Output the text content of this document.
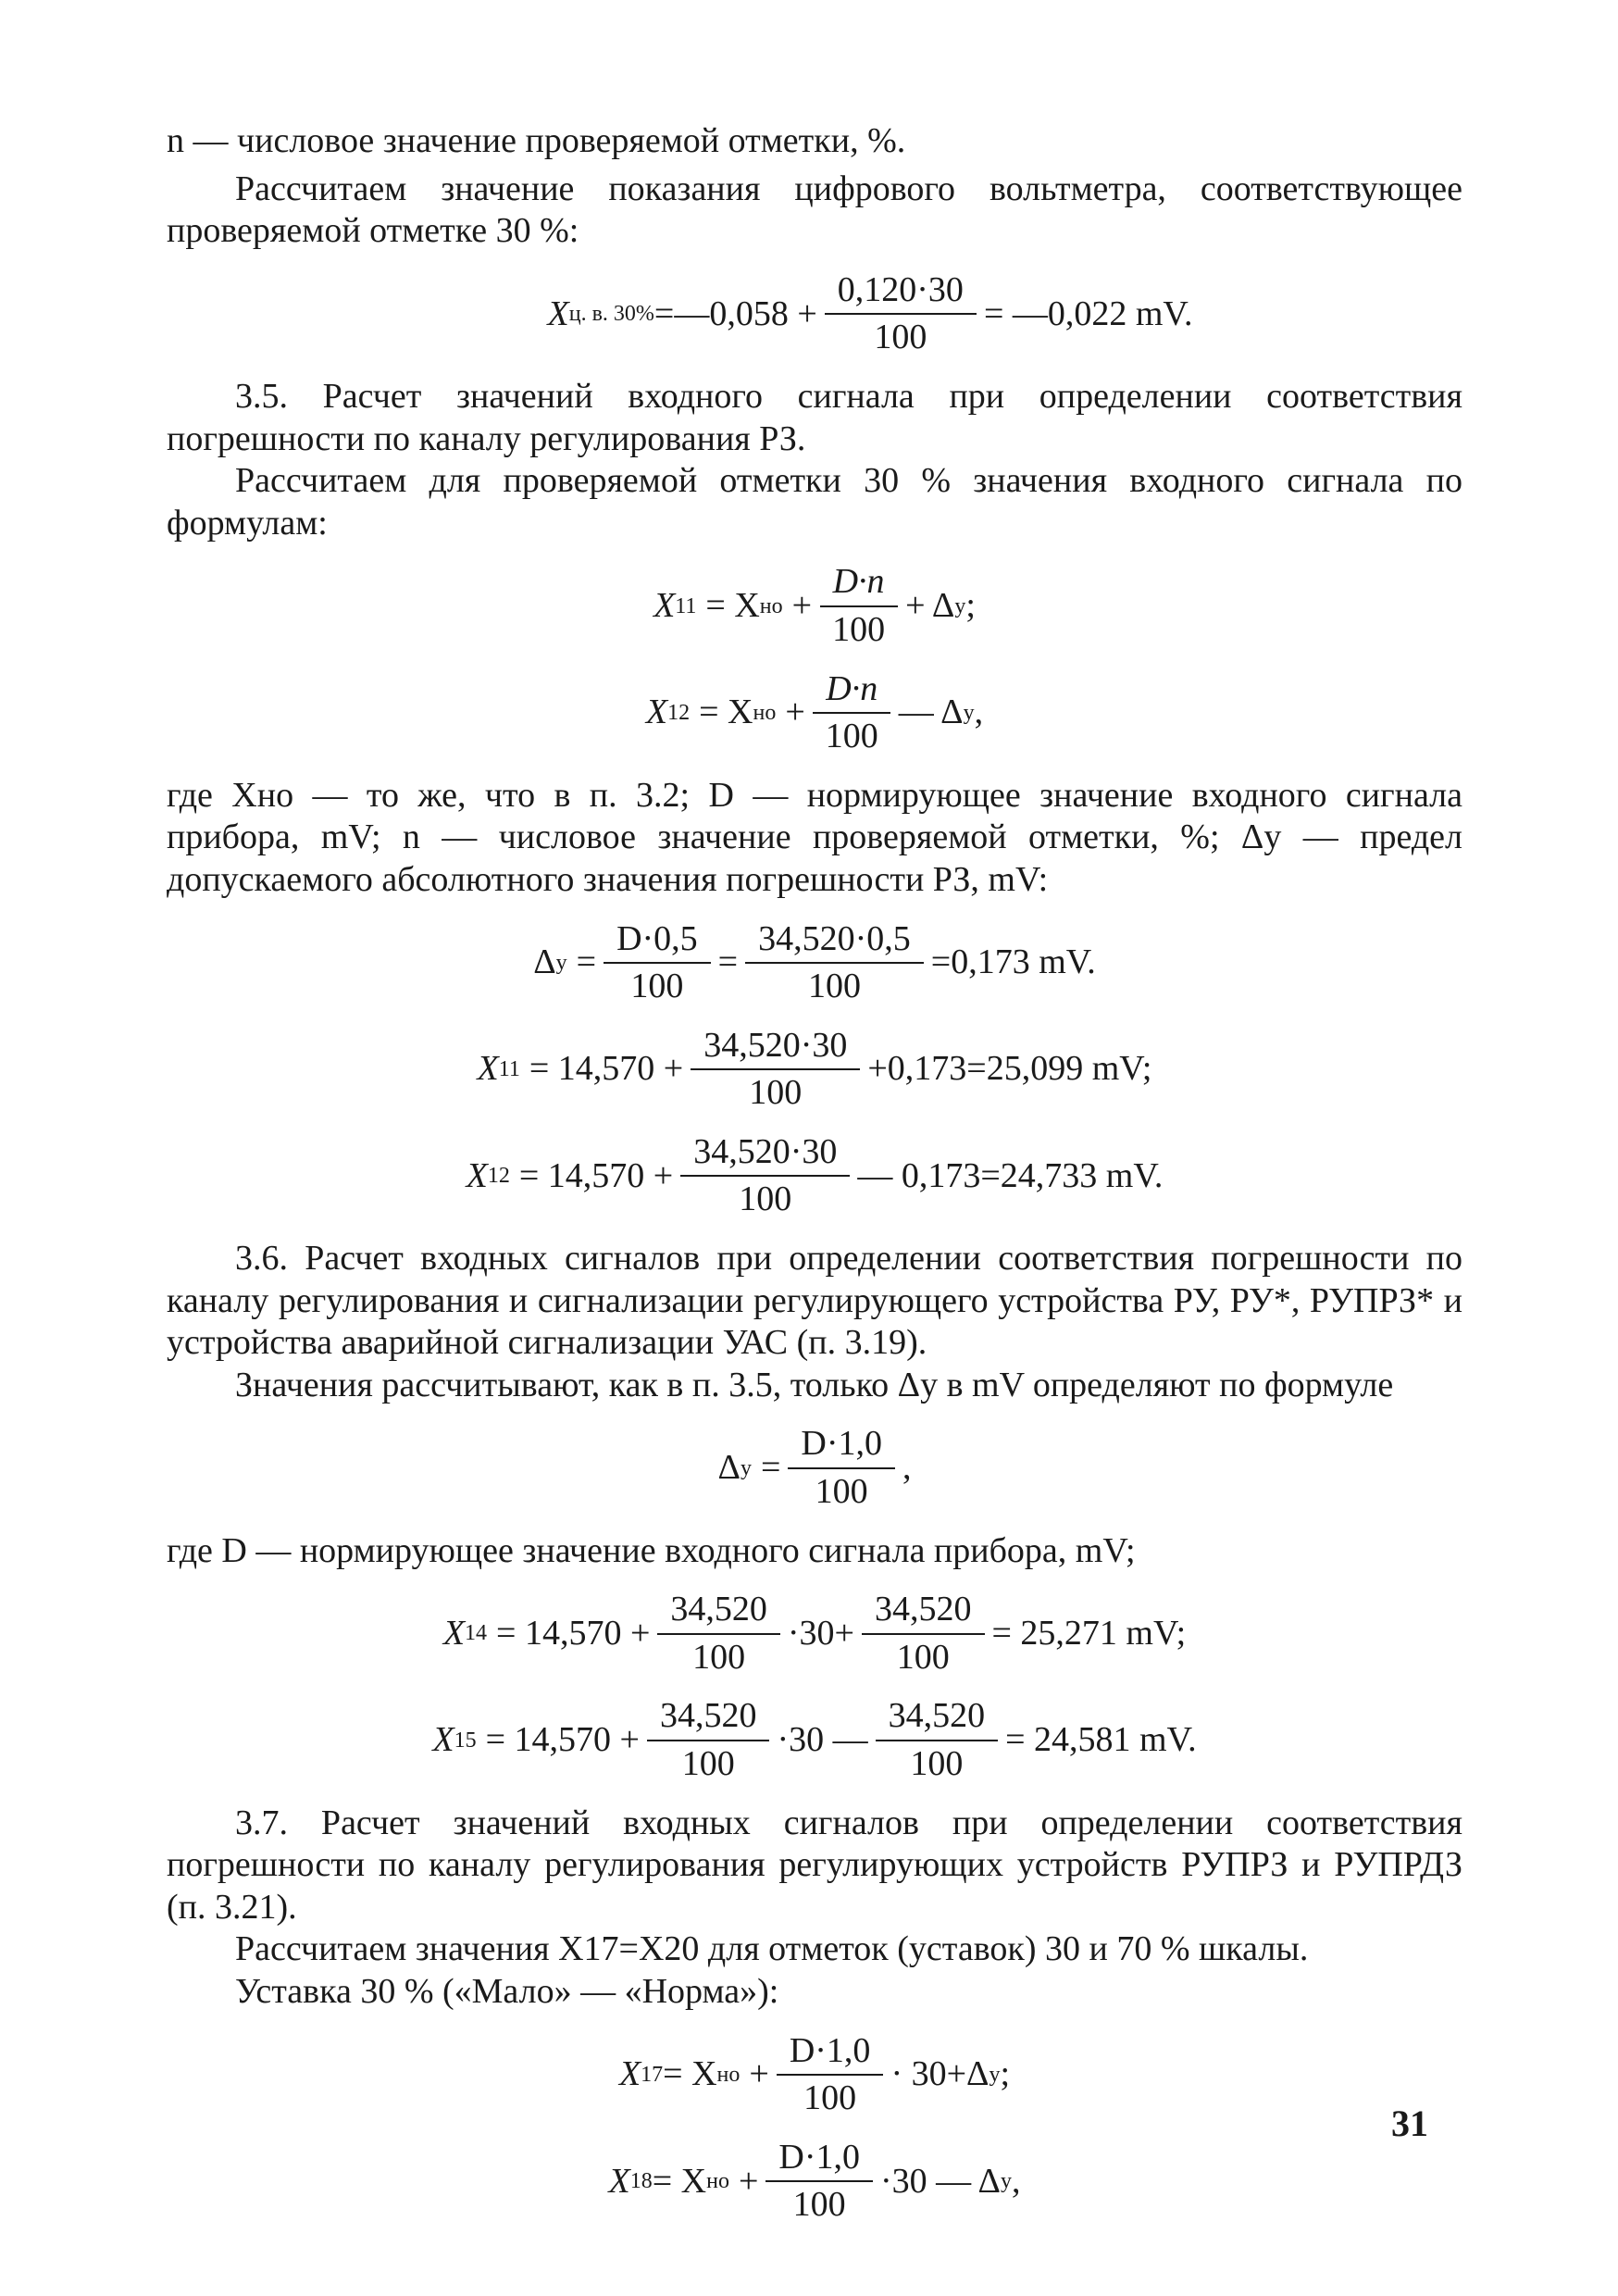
n — числовое значение проверяемой отметки, %.

Рассчитаем значение показания цифрового вольтметра, соответствующее проверяемой отметке 30 %:

X ц. в. 30% =—0,058 + $\frac{0,120\cdot 30}{100}$ = —0,022 mV.

3.5. Расчет значений входного сигнала при определении соответствия погрешности по каналу регулирования РЗ.

Рассчитаем для проверяемой отметки 30 % значения входного сигнала по формулам:

X 11 = X но + $\frac{D\cdot n}{100} + \Delta$ у ;
X 12 = X но + $\frac{D\cdot n}{100}$ — Δ у ,

где Xно — то же, что в п. 3.2; D — нормирующее значение входного сигнала прибора, mV; n — числовое значение проверяемой отметки, %; Δу — предел допускаемого абсолютного значения погрешности РЗ, mV:

Δ $у = \frac{D\cdot 0,5}{100} = \frac{34,520\cdot 0,5}{100} =0,173$ mV.
X $11 = 14,570 + \frac{34,520\cdot 30}{100} +0,173=25,099$ mV;
X $12 = 14,570 + \frac{34,520\cdot 30}{100}$ — 0,173=24,733 mV.

3.6. Расчет входных сигналов при определении соответствия погрешности по каналу регулирования и сигнализации регулирующего устройства РУ, РУ*, РУПРЗ* и устройства аварийной сигнализации УАС (п. 3.19).

Значения рассчитывают, как в п. 3.5, только Δу в mV определяют по формуле

Δ $у = \frac{D\cdot 1,0}{100}$ ,

где D — нормирующее значение входного сигнала прибора, mV;

X $14 = 14,570 + \frac{34,520}{100} \cdot 30+ \frac{34,520}{100} = 25,271$ mV;
X $15 = 14,570 + \frac{34,520}{100} \cdot 30$ — $\frac{34,520}{100} = 24,581$ mV.

3.7. Расчет значений входных сигналов при определении соответствия погрешности по каналу регулирования регулирующих устройств РУПРЗ и РУПРДЗ (п. 3.21).

Рассчитаем значения X17=X20 для отметок (уставок) 30 и 70 % шкалы.

Уставка 30 % («Мало» — «Норма»):

X 17 = X но + $\frac{D\cdot 1,0}{100} \cdot 30+\Delta$ у ;
X 18 = X но + $\frac{D\cdot 1,0}{100} \cdot 30$ — Δ у ,
31
